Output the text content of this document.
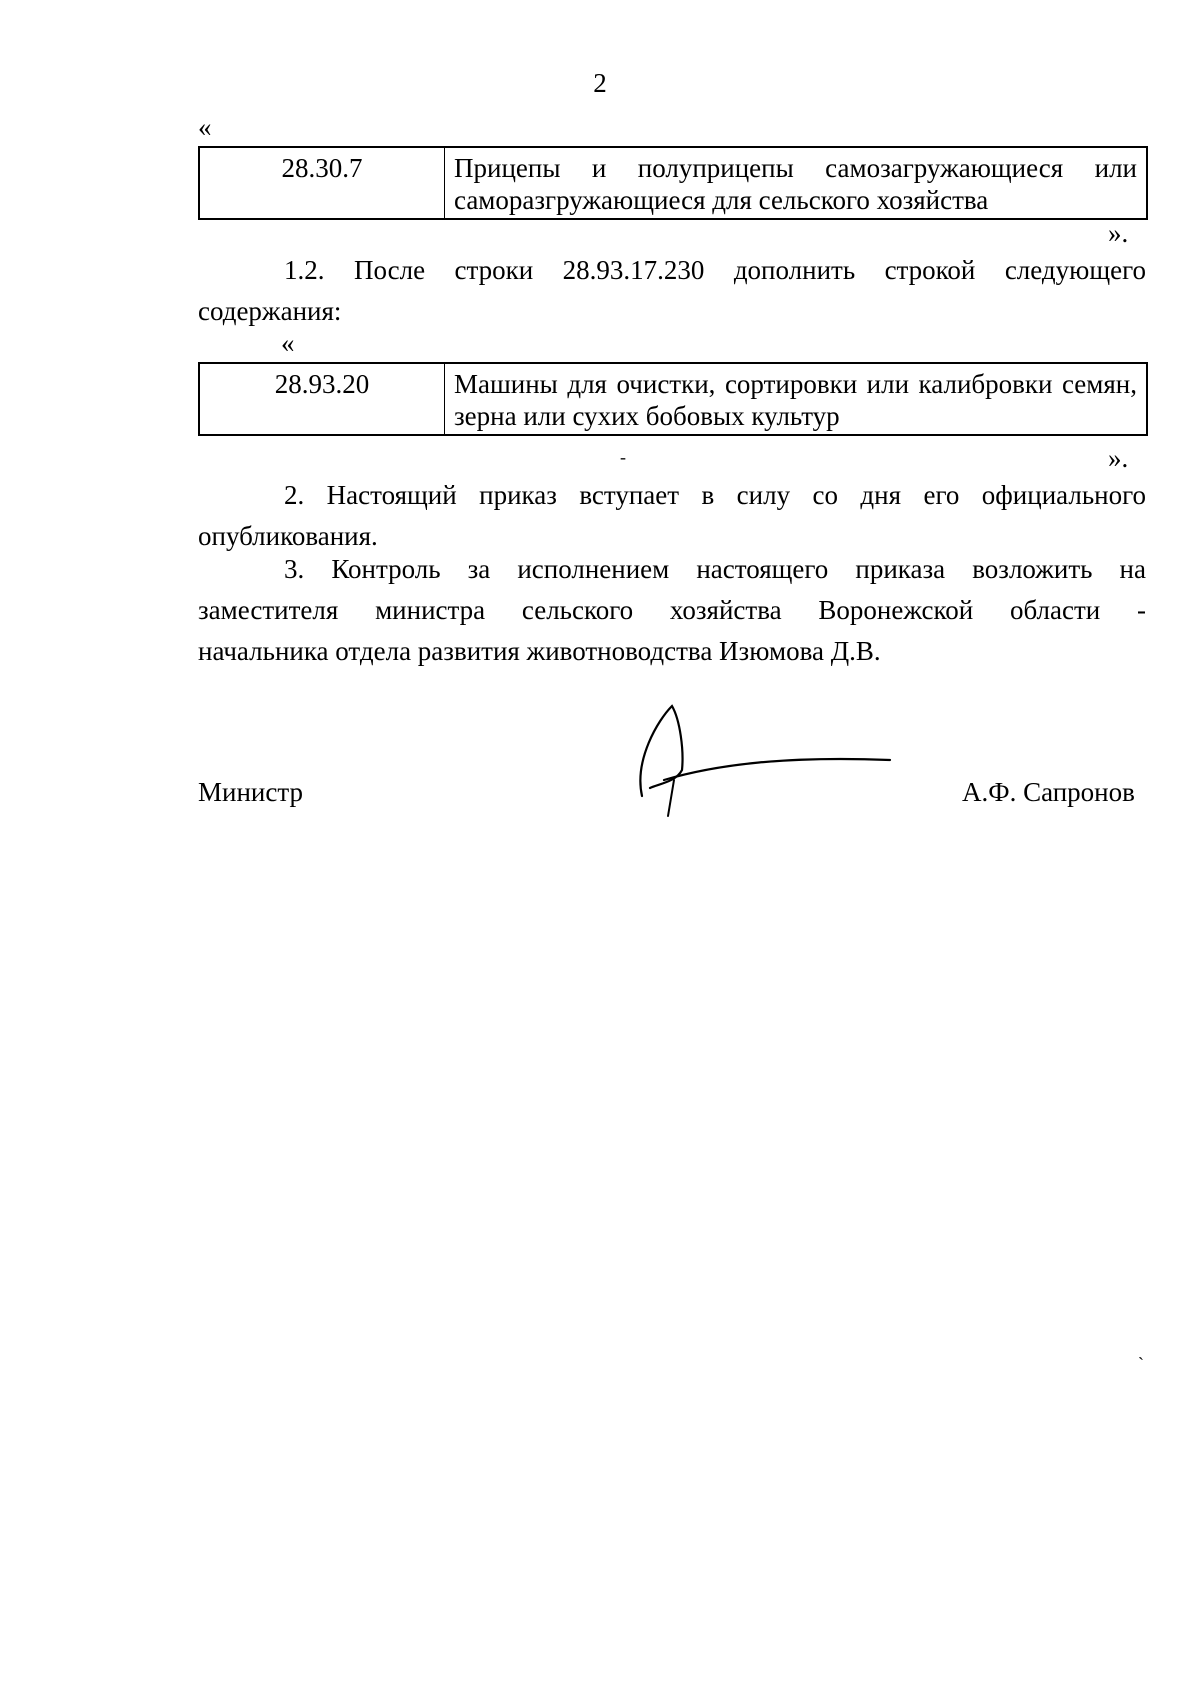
2
«
28.30.7	Прицепы и полуприцепы самозагружающиеся или саморазгружающиеся для сельского хозяйства
».
1.2. После строки 28.93.17.230 дополнить строкой следующего
содержания:
«
28.93.20	Машины для очистки, сортировки или калибровки семян, зерна или сухих бобовых культур
-	».
2. Настоящий приказ вступает в силу со дня его официального
опубликования.
3. Контроль за исполнением настоящего приказа возложить на
заместителя министра сельского хозяйства Воронежской области -
начальника отдела развития животноводства Изюмова Д.В.
Министр	А.Ф. Сапронов
`
